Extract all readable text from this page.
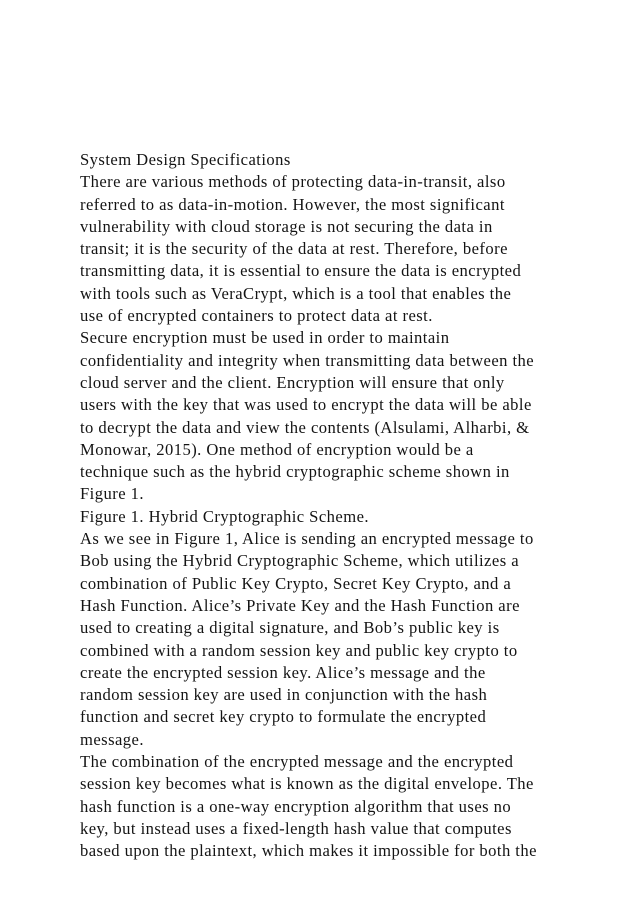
System Design Specifications
There are various methods of protecting data-in-transit, also
referred to as data-in-motion. However, the most significant
vulnerability with cloud storage is not securing the data in
transit; it is the security of the data at rest. Therefore, before
transmitting data, it is essential to ensure the data is encrypted
with tools such as VeraCrypt, which is a tool that enables the
use of encrypted containers to protect data at rest.
Secure encryption must be used in order to maintain
confidentiality and integrity when transmitting data between the
cloud server and the client. Encryption will ensure that only
users with the key that was used to encrypt the data will be able
to decrypt the data and view the contents (Alsulami, Alharbi, &
Monowar, 2015). One method of encryption would be a
technique such as the hybrid cryptographic scheme shown in
Figure 1.
Figure 1. Hybrid Cryptographic Scheme.
As we see in Figure 1, Alice is sending an encrypted message to
Bob using the Hybrid Cryptographic Scheme, which utilizes a
combination of Public Key Crypto, Secret Key Crypto, and a
Hash Function. Alice’s Private Key and the Hash Function are
used to creating a digital signature, and Bob’s public key is
combined with a random session key and public key crypto to
create the encrypted session key. Alice’s message and the
random session key are used in conjunction with the hash
function and secret key crypto to formulate the encrypted
message.
The combination of the encrypted message and the encrypted
session key becomes what is known as the digital envelope. The
hash function is a one-way encryption algorithm that uses no
key, but instead uses a fixed-length hash value that computes
based upon the plaintext, which makes it impossible for both the
